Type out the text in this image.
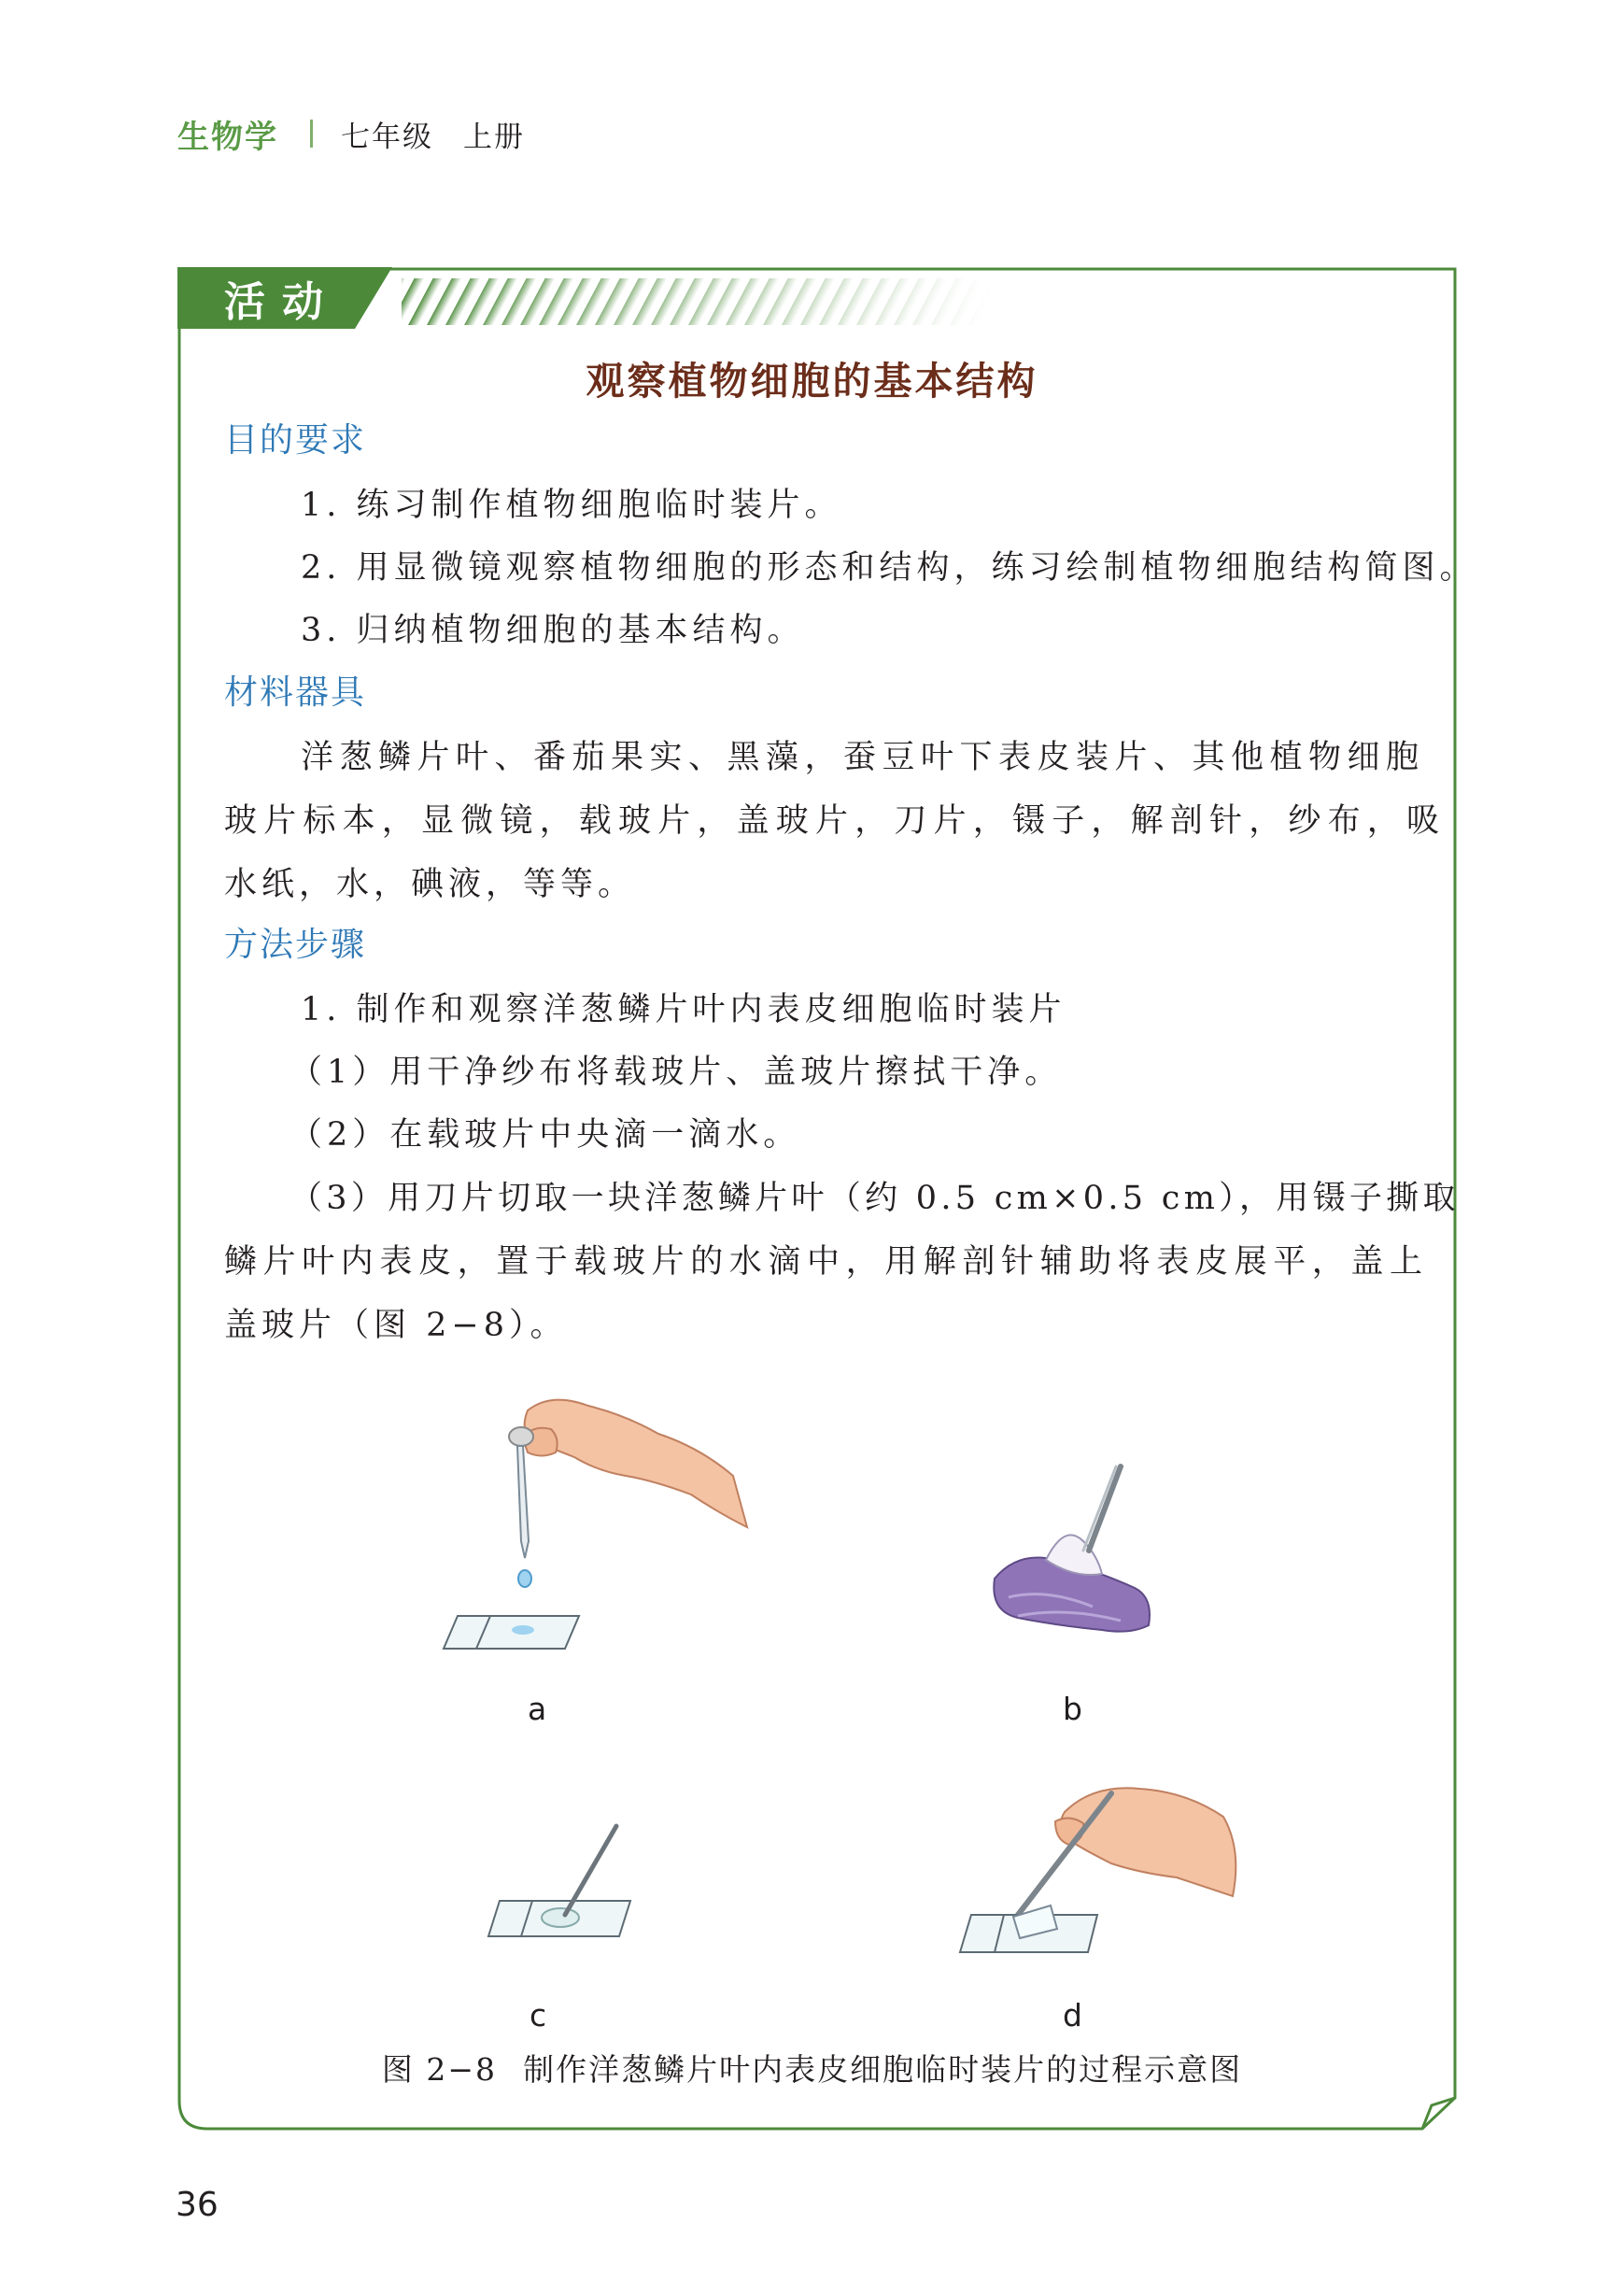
生物学 七年级 上册
活动
观察植物细胞的基本结构
目的要求
1. 练习制作植物细胞临时装片。
2. 用显微镜观察植物细胞的形态和结构，练习绘制植物细胞结构简图。
3. 归纳植物细胞的基本结构。
材料器具
洋葱鳞片叶、番茄果实、黑藻，蚕豆叶下表皮装片、其他植物细胞
玻片标本，显微镜，载玻片，盖玻片，刀片，镊子，解剖针，纱布，吸
水纸，水，碘液，等等。
方法步骤
1. 制作和观察洋葱鳞片叶内表皮细胞临时装片
（1）用干净纱布将载玻片、盖玻片擦拭干净。
（2）在载玻片中央滴一滴水。
（3）用刀片切取一块洋葱鳞片叶（约 0.5 cm×0.5 cm），用镊子撕取
鳞片叶内表皮，置于载玻片的水滴中，用解剖针辅助将表皮展平，盖上
盖玻片（图 2−8）。
a	b
c	d
图 2−8 制作洋葱鳞片叶内表皮细胞临时装片的过程示意图
36
